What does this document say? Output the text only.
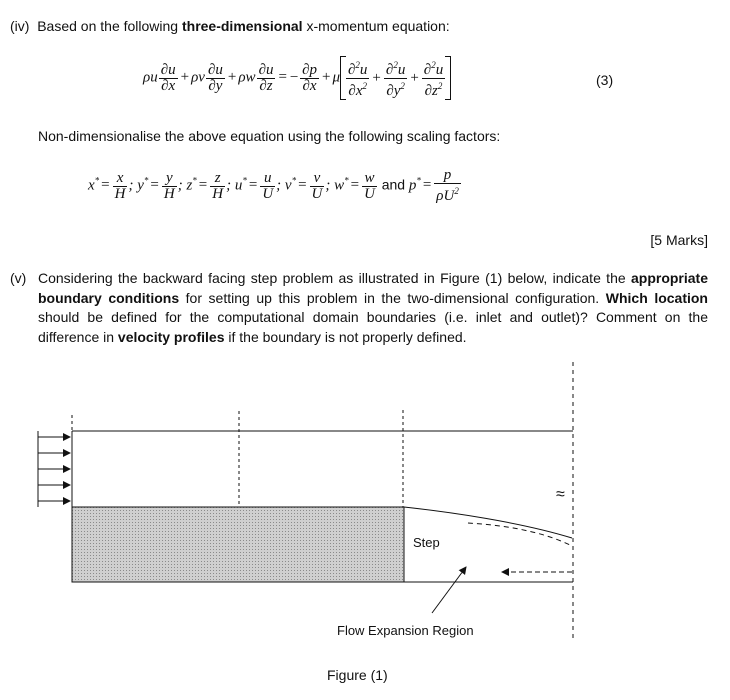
(iv) Based on the following three-dimensional x-momentum equation:
ρu $\frac{\partial u}{\partial x} + \rho v \frac{\partial u}{\partial y} + \rho w \frac{\partial u}{\partial z}$ = − $\frac{\partial p}{\partial x} + \mu \frac{\partial^2u}{\partial x^2} + \frac{\partial^2u}{\partial y^2} + \frac{\partial^2u}{\partial z^2}$	(3)
Non-dimensionalise the above equation using the following scaling factors:
$x^* = \frac{x}{H}$ ; $y^* = \frac{y}{H}$ ; $z^* = \frac{z}{H}$ ; $u^* = \frac{u}{U}$ ; $v^* = \frac{v}{U}$ ; $w^* = \frac{w}{U}$ and $p^* = \frac{p}{\rho U^2}$
[5 Marks]
(v) Considering the backward facing step problem as illustrated in Figure (1) below, indicate the appropriate boundary conditions for setting up this problem in the two-dimensional configuration. Which location should be defined for the computational domain boundaries (i.e. inlet and outlet)? Comment on the difference in velocity profiles if the boundary is not properly defined.
≈
Step
Flow Expansion Region
Figure (1)
